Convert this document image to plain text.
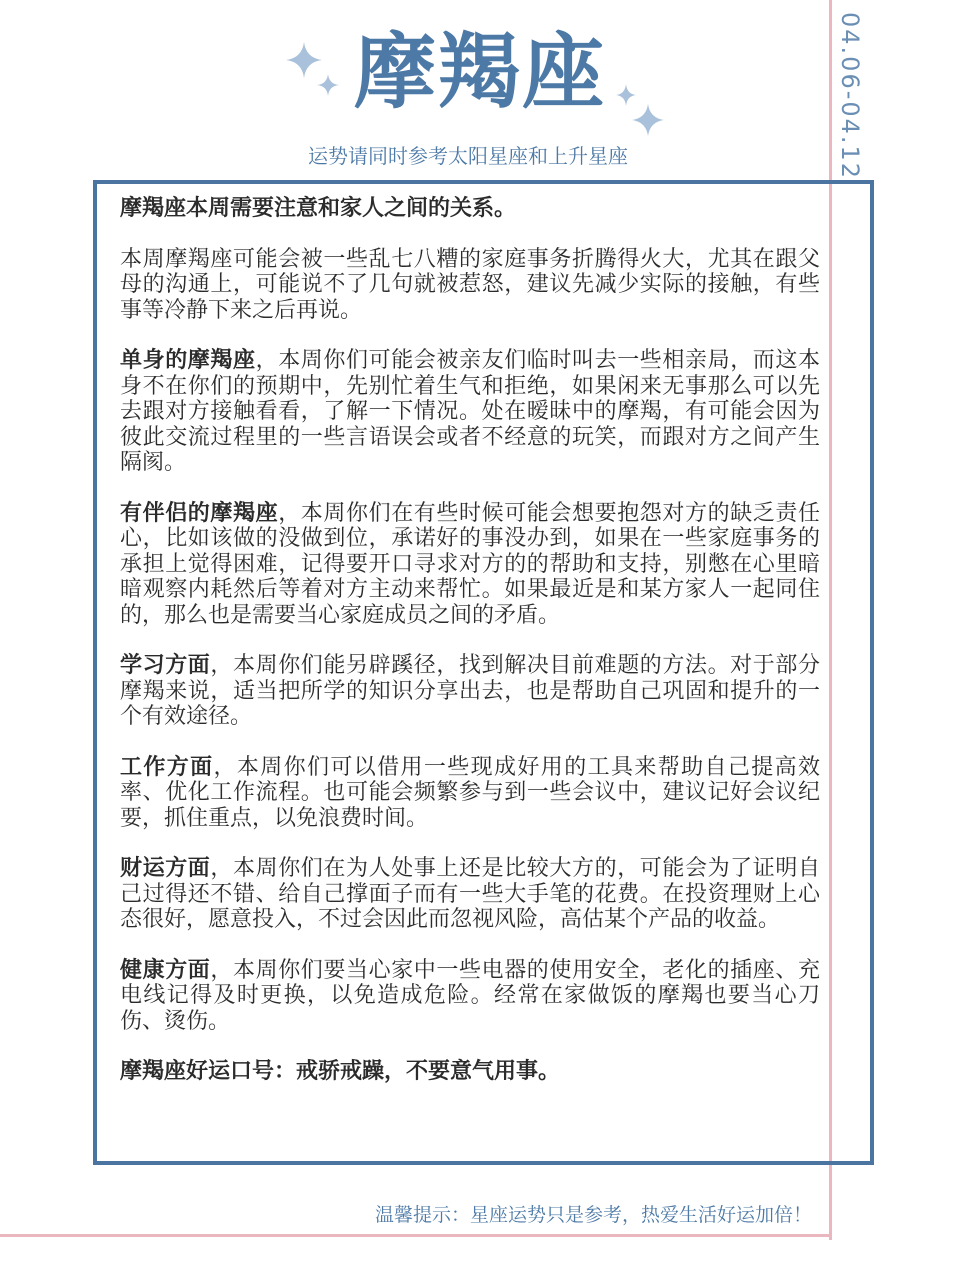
摩羯座
运势请同时参考太阳星座和上升星座	04.06-04.12

摩羯座本周需要注意和家人之间的关系。

本周摩羯座可能会被一些乱七八糟的家庭事务折腾得火大，尤其在跟父母的沟通上，可能说不了几句就被惹怒，建议先减少实际的接触，有些事等冷静下来之后再说。

单身的摩羯座，本周你们可能会被亲友们临时叫去一些相亲局，而这本身不在你们的预期中，先别忙着生气和拒绝，如果闲来无事那么可以先去跟对方接触看看，了解一下情况。处在暧昧中的摩羯，有可能会因为彼此交流过程里的一些言语误会或者不经意的玩笑，而跟对方之间产生隔阂。

有伴侣的摩羯座，本周你们在有些时候可能会想要抱怨对方的缺乏责任心，比如该做的没做到位，承诺好的事没办到，如果在一些家庭事务的承担上觉得困难，记得要开口寻求对方的的帮助和支持，别憋在心里暗暗观察内耗然后等着对方主动来帮忙。如果最近是和某方家人一起同住的，那么也是需要当心家庭成员之间的矛盾。

学习方面，本周你们能另辟蹊径，找到解决目前难题的方法。对于部分摩羯来说，适当把所学的知识分享出去，也是帮助自己巩固和提升的一个有效途径。

工作方面，本周你们可以借用一些现成好用的工具来帮助自己提高效率、优化工作流程。也可能会频繁参与到一些会议中，建议记好会议纪要，抓住重点，以免浪费时间。

财运方面，本周你们在为人处事上还是比较大方的，可能会为了证明自己过得还不错、给自己撑面子而有一些大手笔的花费。在投资理财上心态很好，愿意投入，不过会因此而忽视风险，高估某个产品的收益。

健康方面，本周你们要当心家中一些电器的使用安全，老化的插座、充电线记得及时更换，以免造成危险。经常在家做饭的摩羯也要当心刀伤、烫伤。

摩羯座好运口号：戒骄戒躁，不要意气用事。

温馨提示：星座运势只是参考，热爱生活好运加倍！
